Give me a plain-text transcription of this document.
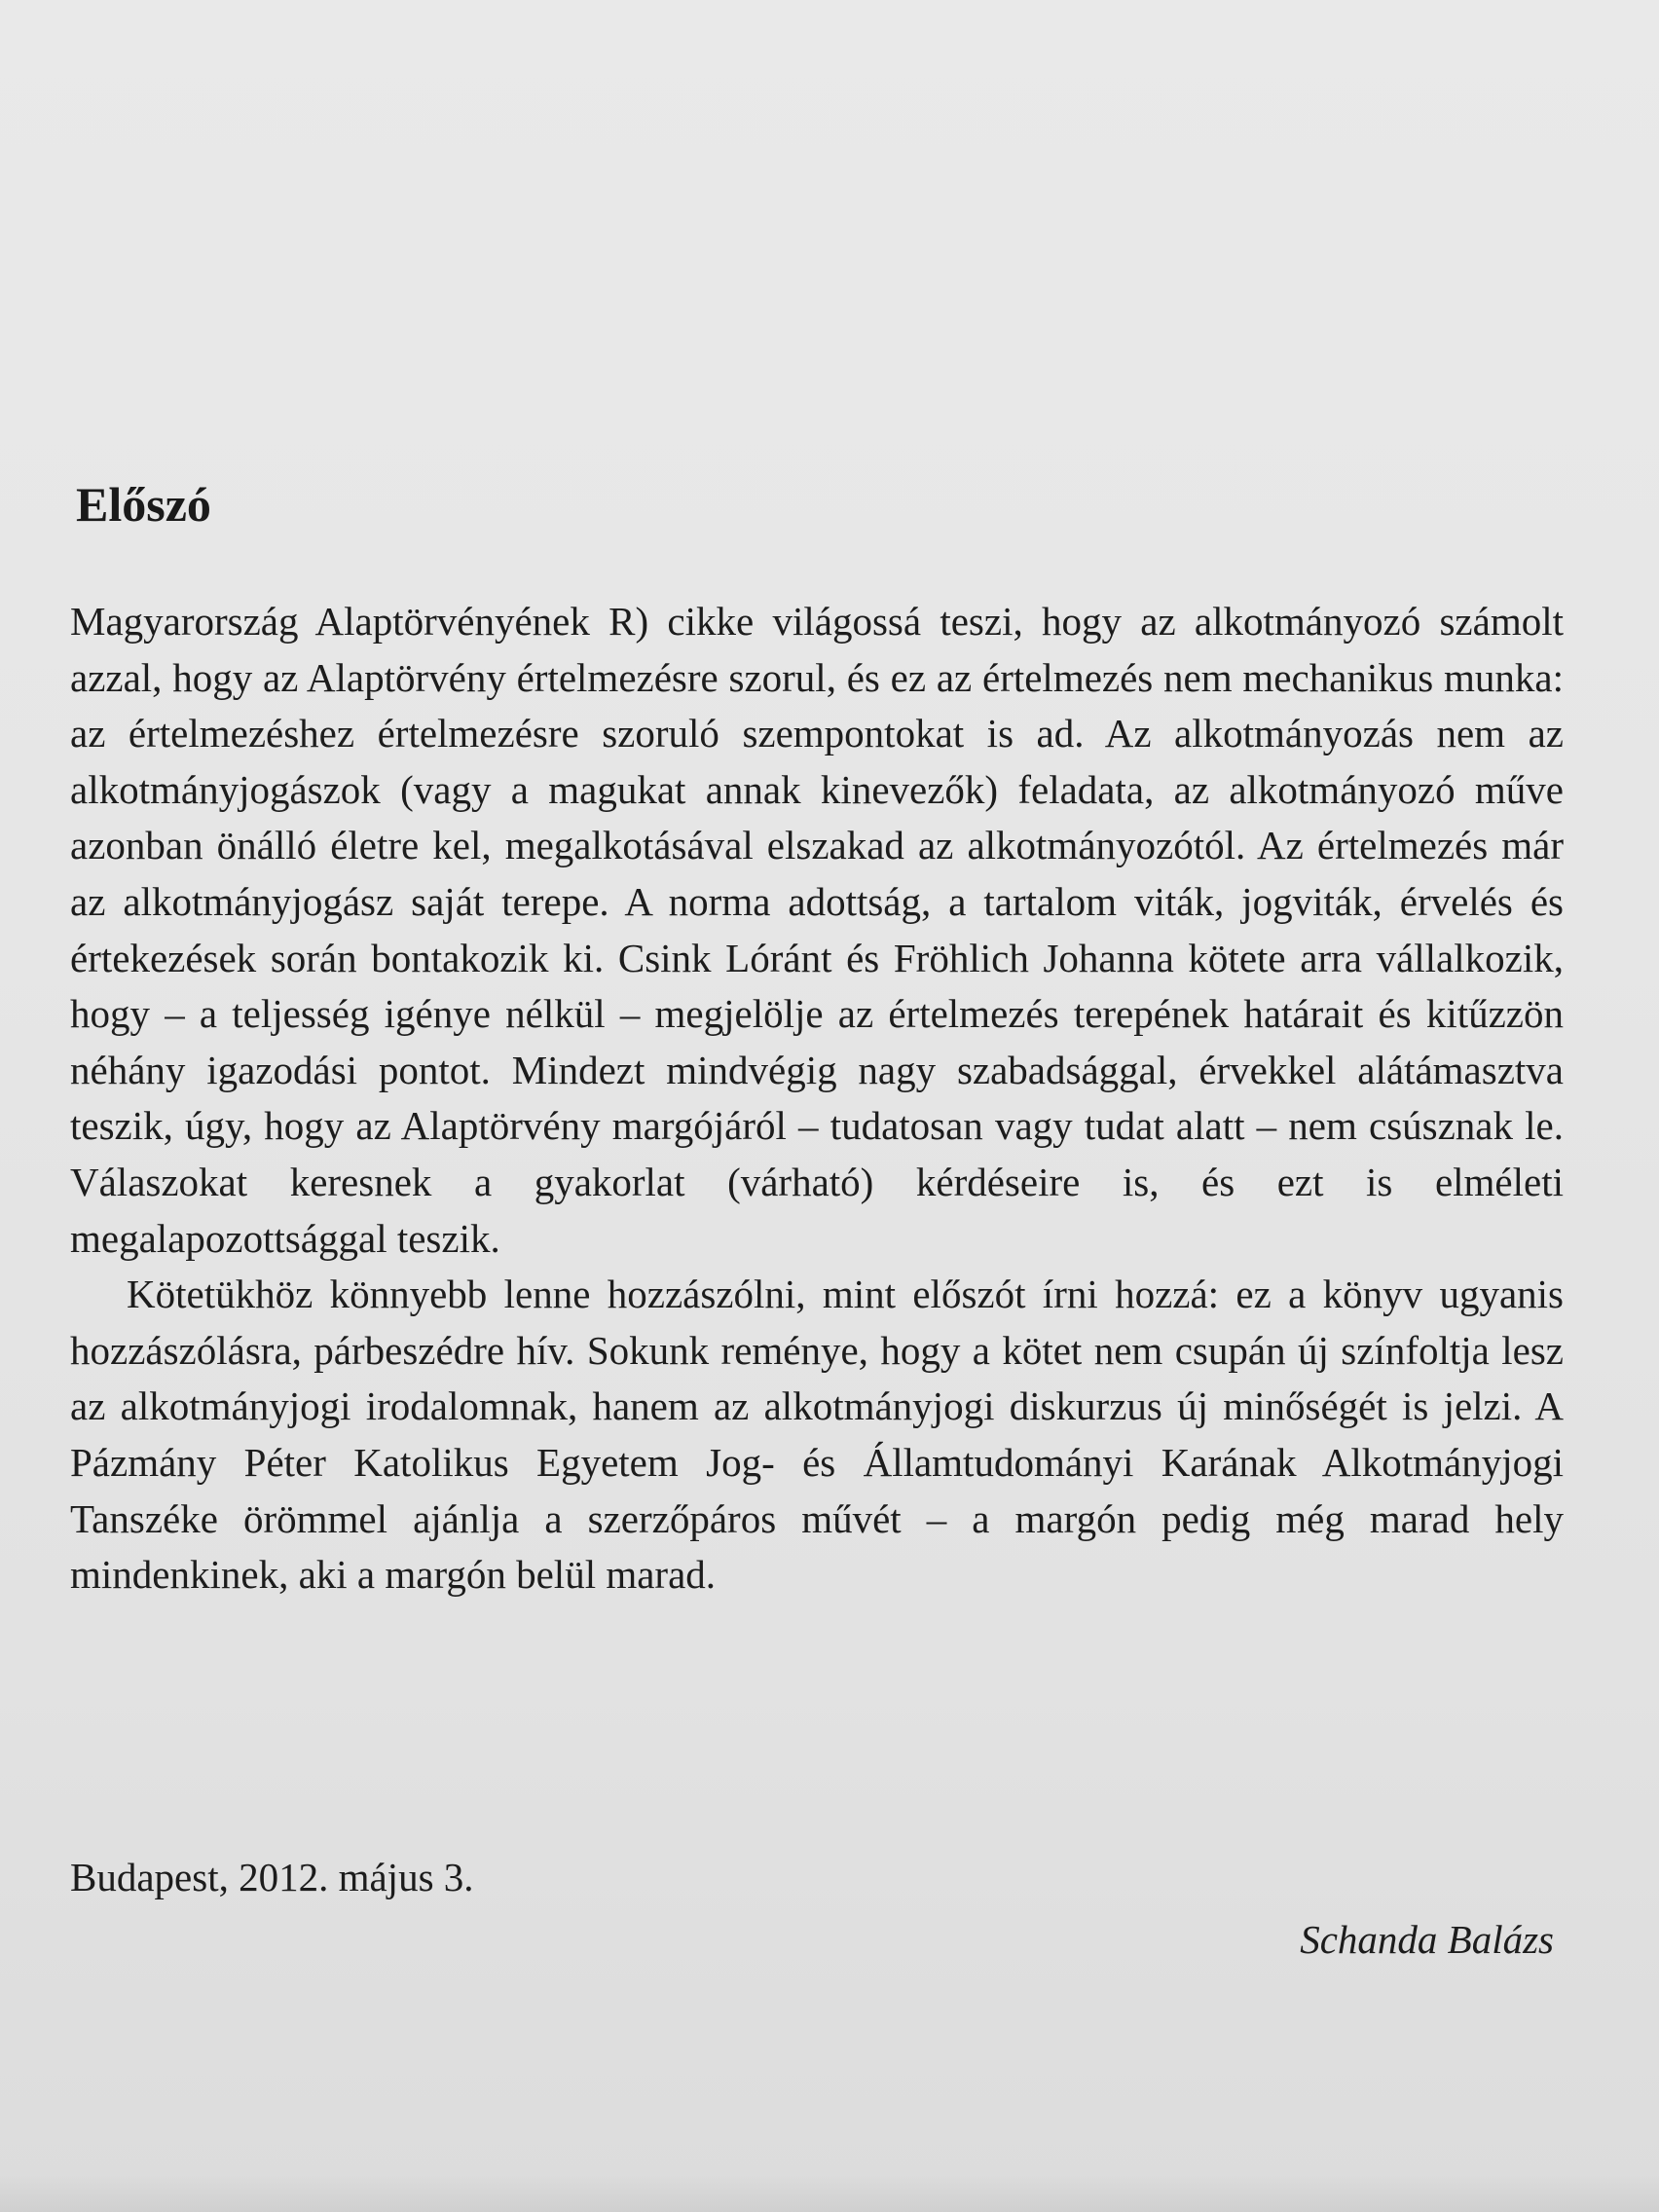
Előszó

Magyarország Alaptörvényének R) cikke világossá teszi, hogy az alkotmányozó számolt azzal, hogy az Alaptörvény értelmezésre szorul, és ez az értelmezés nem mechanikus munka: az értelmezéshez értelmezésre szoruló szempontokat is ad. Az alkotmányozás nem az alkotmányjogászok (vagy a magukat annak kinevezők) feladata, az alkotmányozó műve azonban önálló életre kel, megalkotásával elszakad az alkotmányozótól. Az értelmezés már az alkotmányjogász saját terepe. A norma adottság, a tartalom viták, jogviták, érvelés és értekezések során bontakozik ki. Csink Lóránt és Fröhlich Johanna kötete arra vállalkozik, hogy – a teljesség igénye nélkül – megjelölje az értelmezés terepének határait és kitűzzön néhány igazodási pontot. Mindezt mindvégig nagy szabadsággal, érvekkel alátámasztva teszik, úgy, hogy az Alaptörvény margójáról – tudatosan vagy tudat alatt – nem csúsznak le. Válaszokat keresnek a gyakorlat (várható) kérdéseire is, és ezt is elméleti megalapozottsággal teszik.

Kötetükhöz könnyebb lenne hozzászólni, mint előszót írni hozzá: ez a könyv ugyanis hozzászólásra, párbeszédre hív. Sokunk reménye, hogy a kötet nem csupán új színfoltja lesz az alkotmányjogi irodalomnak, hanem az alkotmányjogi diskurzus új minőségét is jelzi. A Pázmány Péter Katolikus Egyetem Jog- és Államtudományi Karának Alkotmányjogi Tanszéke örömmel ajánlja a szerzőpáros művét – a margón pedig még marad hely mindenkinek, aki a margón belül marad.

Budapest, 2012. május 3.

Schanda Balázs
